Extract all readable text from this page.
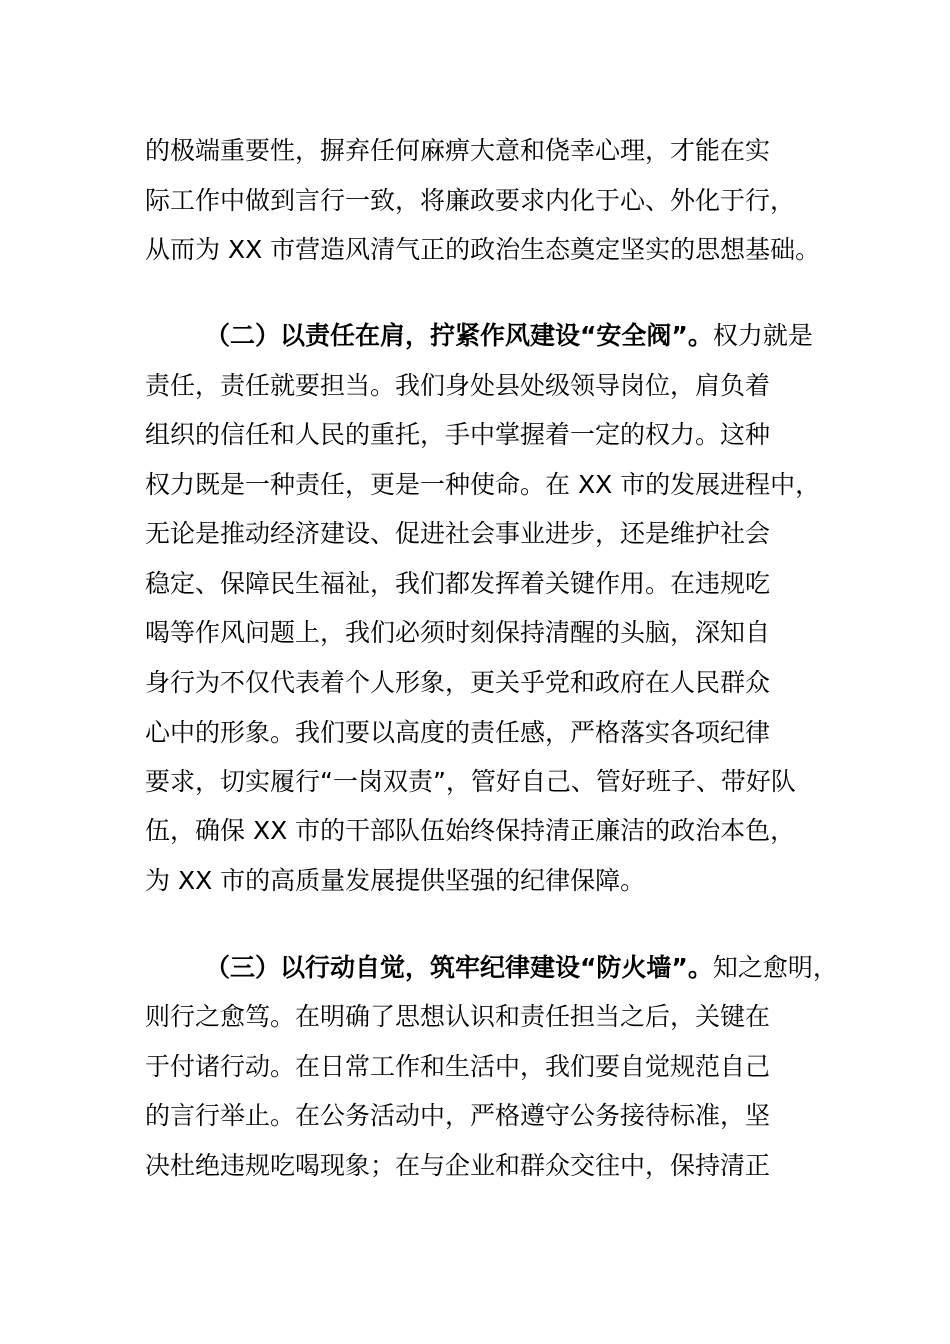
的极端重要性，摒弃任何麻痹大意和侥幸心理，才能在实
际工作中做到言行一致，将廉政要求内化于心、外化于行，
从而为 XX 市营造风清气正的政治生态奠定坚实的思想基础。
（二）以责任在肩，拧紧作风建设“安全阀”。权力就是
责任，责任就要担当。我们身处县处级领导岗位，肩负着
组织的信任和人民的重托，手中掌握着一定的权力。这种
权力既是一种责任，更是一种使命。在 XX 市的发展进程中，
无论是推动经济建设、促进社会事业进步，还是维护社会
稳定、保障民生福祉，我们都发挥着关键作用。在违规吃
喝等作风问题上，我们必须时刻保持清醒的头脑，深知自
身行为不仅代表着个人形象，更关乎党和政府在人民群众
心中的形象。我们要以高度的责任感，严格落实各项纪律
要求，切实履行“一岗双责”，管好自己、管好班子、带好队
伍，确保 XX 市的干部队伍始终保持清正廉洁的政治本色，
为 XX 市的高质量发展提供坚强的纪律保障。
（三）以行动自觉，筑牢纪律建设“防火墙”。知之愈明，
则行之愈笃。在明确了思想认识和责任担当之后，关键在
于付诸行动。在日常工作和生活中，我们要自觉规范自己
的言行举止。在公务活动中，严格遵守公务接待标准，坚
决杜绝违规吃喝现象；在与企业和群众交往中，保持清正
